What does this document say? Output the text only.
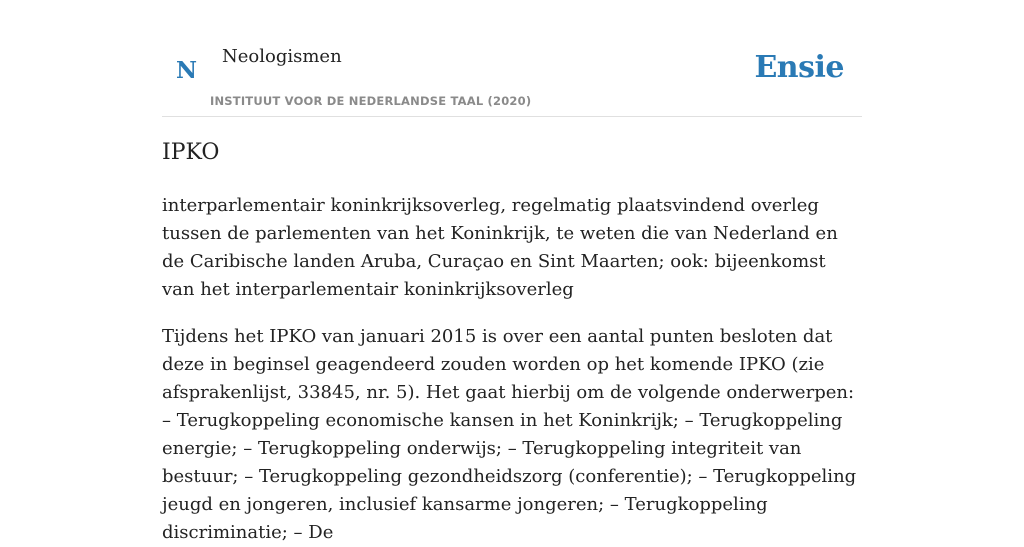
N
Neologismen
INSTITUUT VOOR DE NEDERLANDSE TAAL (2020)
Ensie
IPKO

interparlementair koninkrijksoverleg, regelmatig plaatsvindend overleg tussen de parlementen van het Koninkrijk, te weten die van Nederland en de Caribische landen Aruba, Curaçao en Sint Maarten; ook: bijeenkomst van het interparlementair koninkrijksoverleg

Tijdens het IPKO van januari 2015 is over een aantal punten besloten dat deze in beginsel geagendeerd zouden worden op het komende IPKO (zie afsprakenlijst, 33845, nr. 5). Het gaat hierbij om de volgende onderwerpen: – Terugkoppeling economische kansen in het Koninkrijk; – Terugkoppeling energie; – Terugkoppeling onderwijs; – Terugkoppeling integriteit van bestuur; – Terugkoppeling gezondheidszorg (conferentie); – Terugkoppeling jeugd en jongeren, inclusief kansarme jongeren; – Terugkoppeling discriminatie; – De
